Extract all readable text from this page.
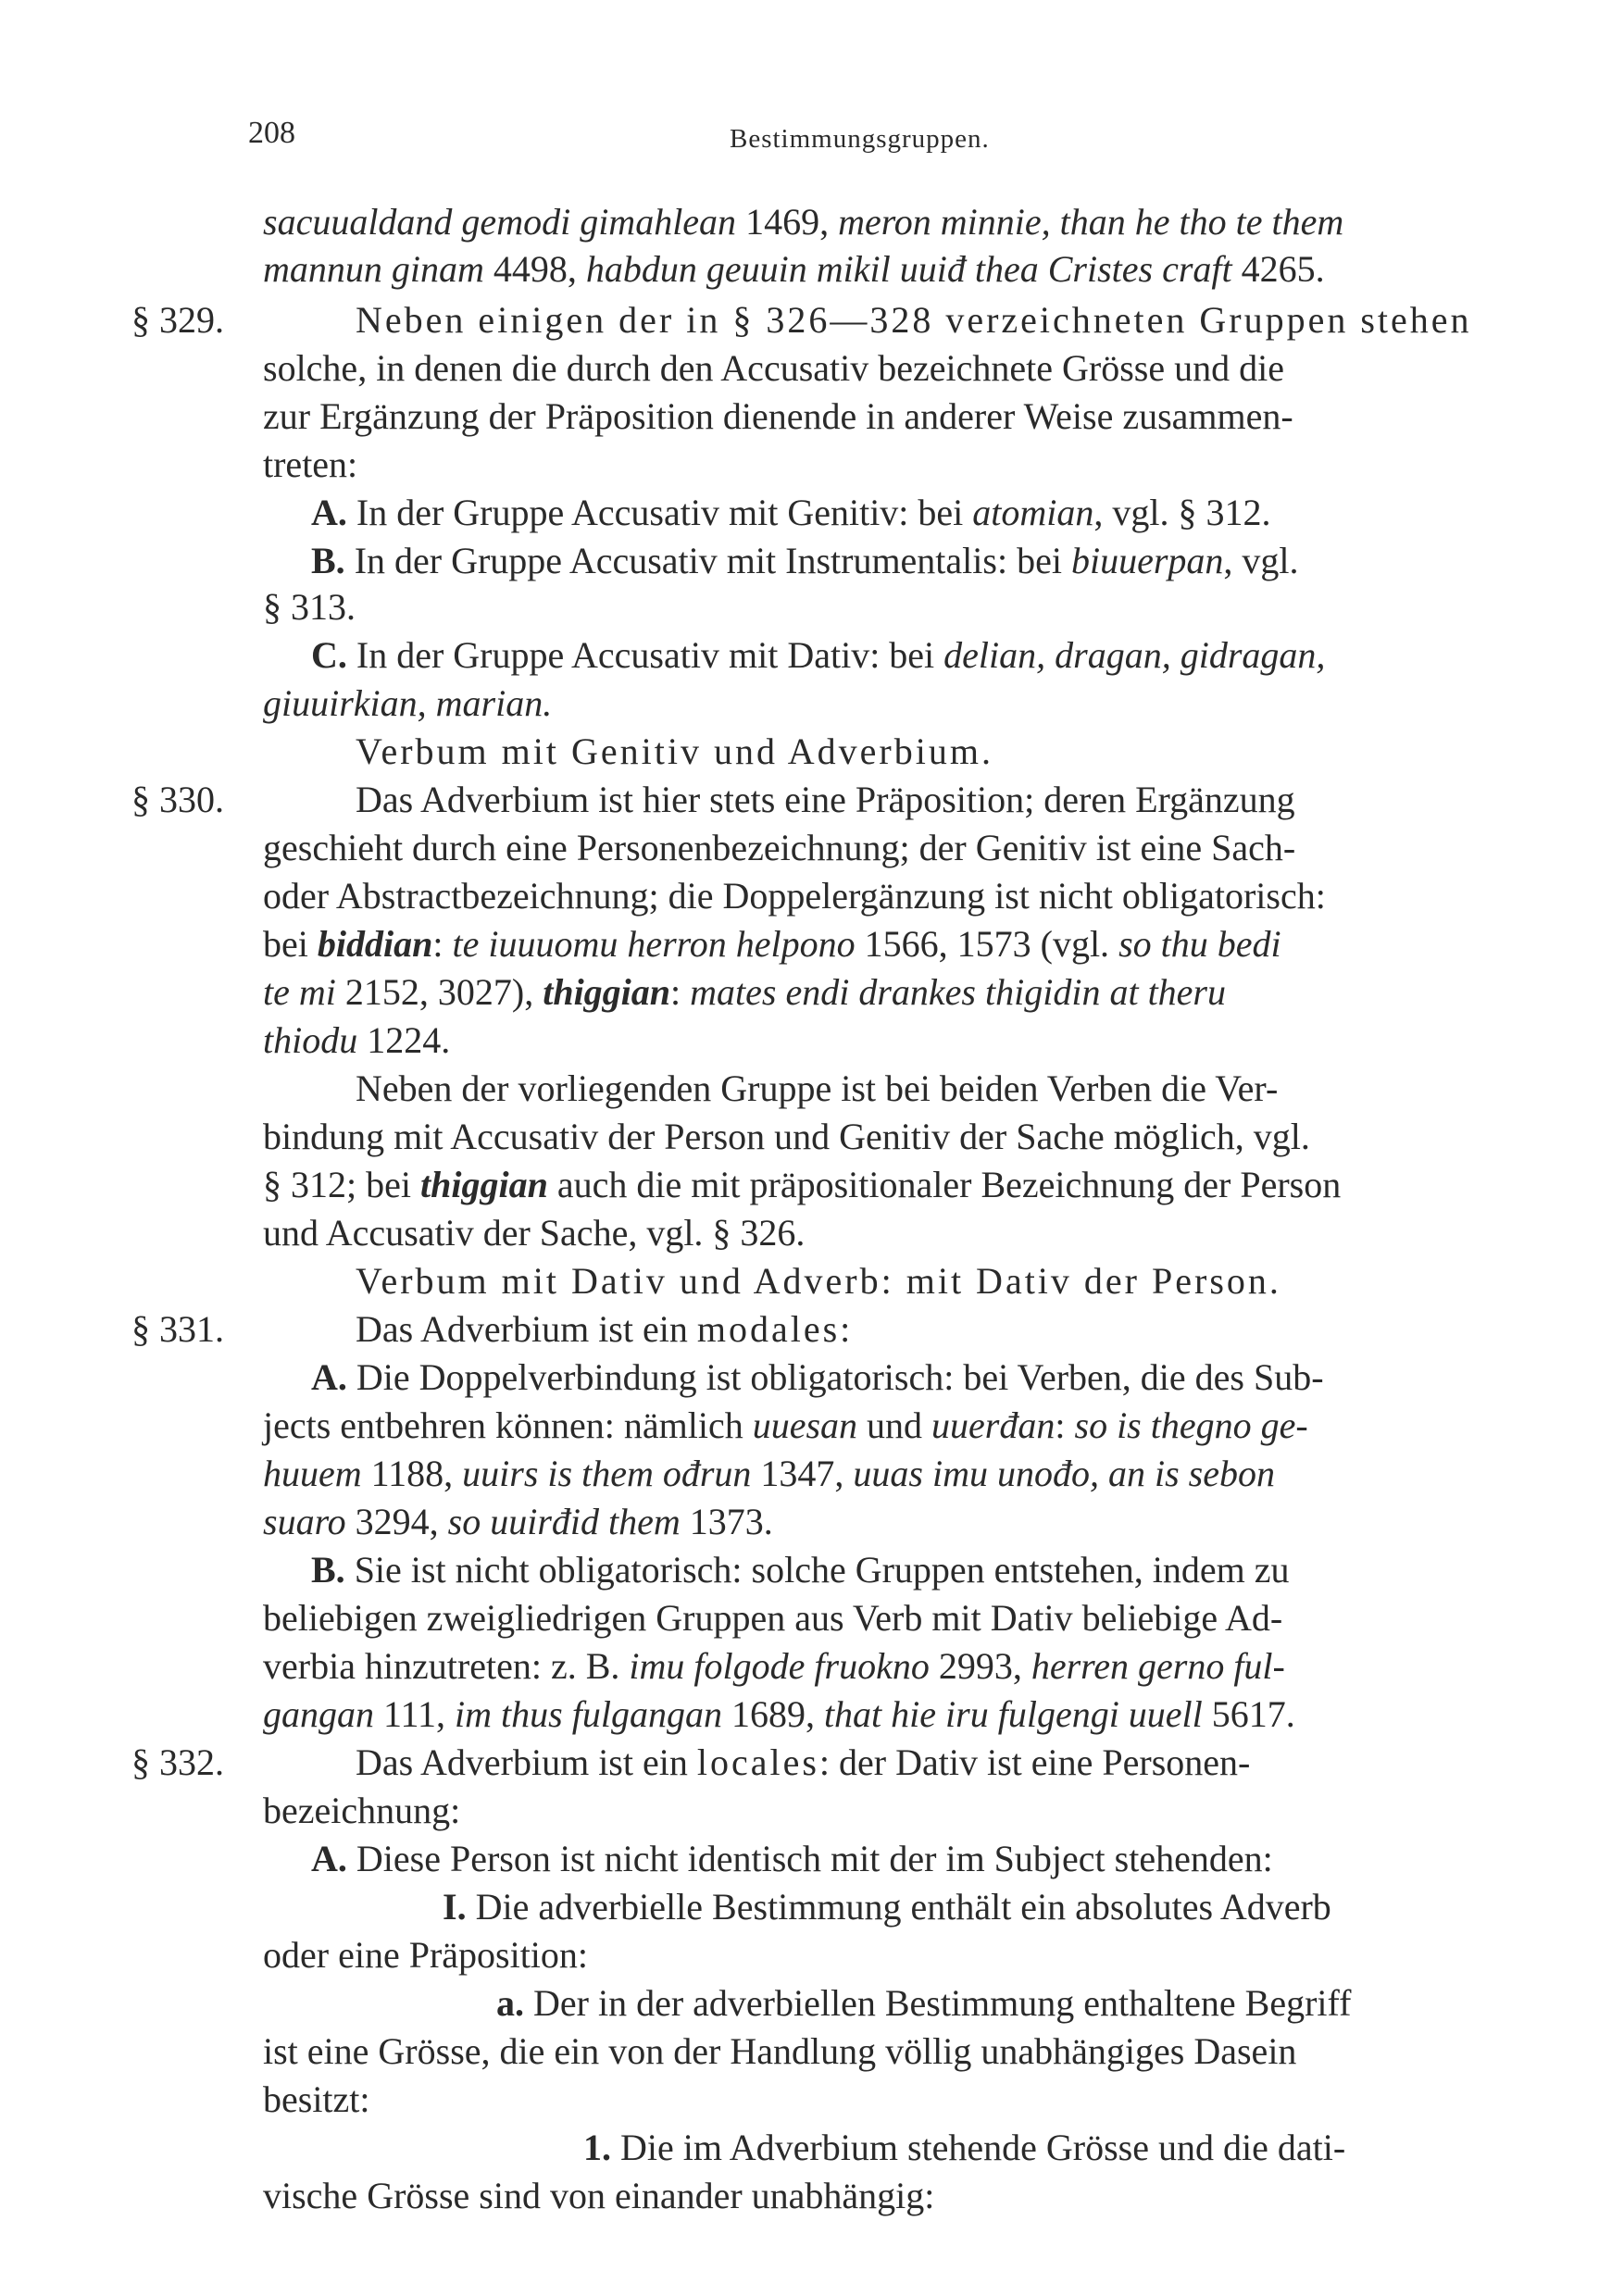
208	Bestimmungsgruppen.
sacuualdand gemodi gimahlean 1469, meron minnie, than he tho te them
mannun ginam 4498, habdun geuuin mikil uuiđ thea Cristes craft 4265.
§ 329.	Neben einigen der in § 326—328 verzeichneten Gruppen stehen
solche, in denen die durch den Accusativ bezeichnete Grösse und die
zur Ergänzung der Präposition dienende in anderer Weise zusammen-
treten:
A. In der Gruppe Accusativ mit Genitiv: bei atomian, vgl. § 312.
B. In der Gruppe Accusativ mit Instrumentalis: bei biuuerpan, vgl.
§ 313.
C. In der Gruppe Accusativ mit Dativ: bei delian, dragan, gidragan,
giuuirkian, marian.
Verbum mit Genitiv und Adverbium.
§ 330.	Das Adverbium ist hier stets eine Präposition; deren Ergänzung
geschieht durch eine Personenbezeichnung; der Genitiv ist eine Sach-
oder Abstractbezeichnung; die Doppelergänzung ist nicht obligatorisch:
bei biddian: te iuuuomu herron helpono 1566, 1573 (vgl. so thu bedi
te mi 2152, 3027), thiggian: mates endi drankes thigidin at theru
thiodu 1224.
Neben der vorliegenden Gruppe ist bei beiden Verben die Ver-
bindung mit Accusativ der Person und Genitiv der Sache möglich, vgl.
§ 312; bei thiggian auch die mit präpositionaler Bezeichnung der Person
und Accusativ der Sache, vgl. § 326.
Verbum mit Dativ und Adverb: mit Dativ der Person.
§ 331.	Das Adverbium ist ein modales:
A. Die Doppelverbindung ist obligatorisch: bei Verben, die des Sub-
jects entbehren können: nämlich uuesan und uuerđan: so is thegno ge-
huuem 1188, uuirs is them ođrun 1347, uuas imu unođo, an is sebon
suaro 3294, so uuirđid them 1373.
B. Sie ist nicht obligatorisch: solche Gruppen entstehen, indem zu
beliebigen zweigliedrigen Gruppen aus Verb mit Dativ beliebige Ad-
verbia hinzutreten: z. B. imu folgode fruokno 2993, herren gerno ful-
gangan 111, im thus fulgangan 1689, that hie iru fulgengi uuell 5617.
§ 332.	Das Adverbium ist ein locales: der Dativ ist eine Personen-
bezeichnung:
A. Diese Person ist nicht identisch mit der im Subject stehenden:
I. Die adverbielle Bestimmung enthält ein absolutes Adverb
oder eine Präposition:
a. Der in der adverbiellen Bestimmung enthaltene Begriff
ist eine Grösse, die ein von der Handlung völlig unabhängiges Dasein
besitzt:
1. Die im Adverbium stehende Grösse und die dati-
vische Grösse sind von einander unabhängig:
